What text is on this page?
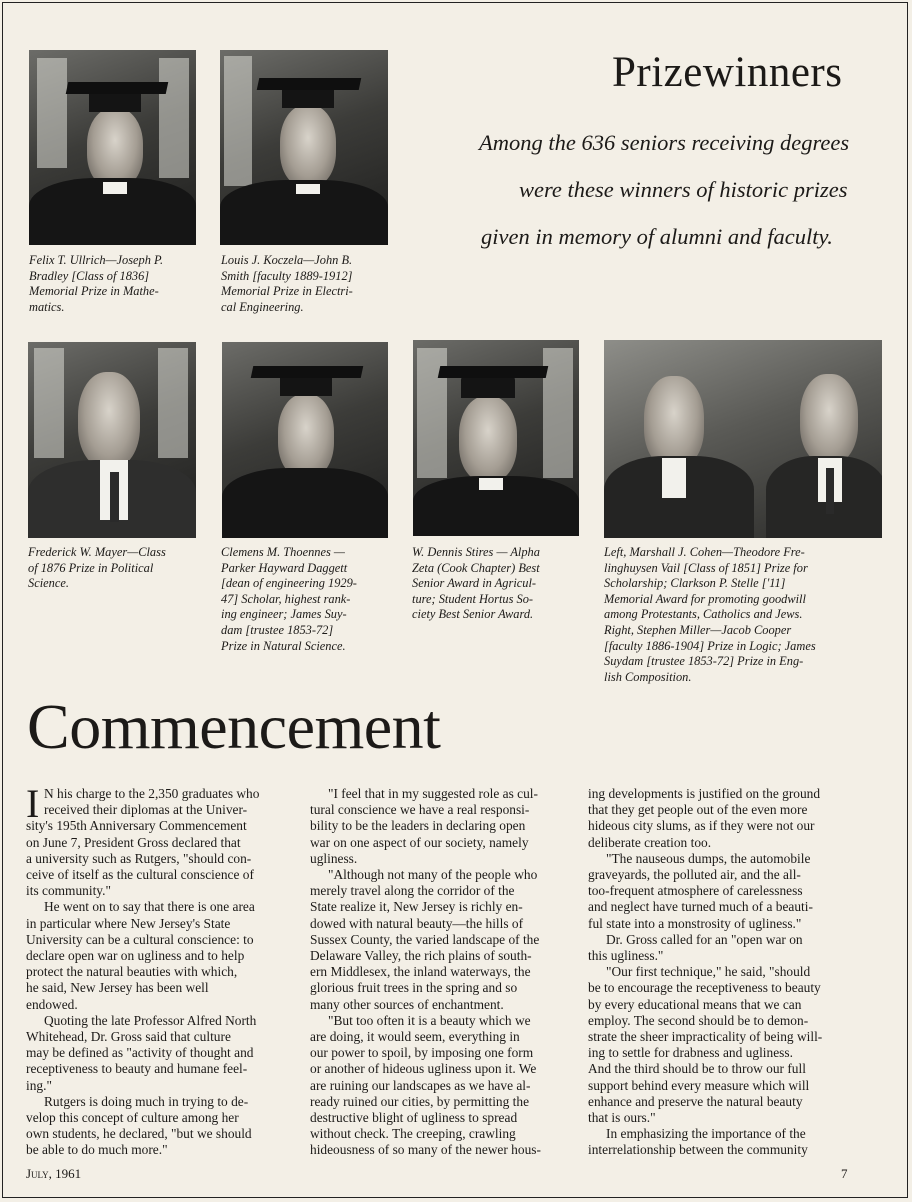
Prizewinners
Among the 636 seniors receiving degrees
were these winners of historic prizes
given in memory of alumni and faculty.
Felix T. Ullrich—Joseph P.
Bradley [Class of 1836]
Memorial Prize in Mathe-
matics.
Louis J. Koczela—John B.
Smith [faculty 1889-1912]
Memorial Prize in Electri-
cal Engineering.
Frederick W. Mayer—Class
of 1876 Prize in Political
Science.
Clemens M. Thoennes —
Parker Hayward Daggett
[dean of engineering 1929-
47] Scholar, highest rank-
ing engineer; James Suy-
dam [trustee 1853-72]
Prize in Natural Science.
W. Dennis Stires — Alpha
Zeta (Cook Chapter) Best
Senior Award in Agricul-
ture; Student Hortus So-
ciety Best Senior Award.
Left, Marshall J. Cohen—Theodore Fre-
linghuysen Vail [Class of 1851] Prize for
Scholarship; Clarkson P. Stelle ['11]
Memorial Award for promoting goodwill
among Protestants, Catholics and Jews.
Right, Stephen Miller—Jacob Cooper
[faculty 1886-1904] Prize in Logic; James
Suydam [trustee 1853-72] Prize in Eng-
lish Composition.
Commencement
I N his charge to the 2,350 graduates who

received their diplomas at the Univer-

sity's 195th Anniversary Commencement

on June 7, President Gross declared that

a university such as Rutgers, "should con-

ceive of itself as the cultural conscience of

its community."

He went on to say that there is one area

in particular where New Jersey's State

University can be a cultural conscience: to

declare open war on ugliness and to help

protect the natural beauties with which,

he said, New Jersey has been well

endowed.

Quoting the late Professor Alfred North

Whitehead, Dr. Gross said that culture

may be defined as "activity of thought and

receptiveness to beauty and humane feel-

ing."

Rutgers is doing much in trying to de-

velop this concept of culture among her

own students, he declared, "but we should

be able to do much more."

"I feel that in my suggested role as cul-

tural conscience we have a real responsi-

bility to be the leaders in declaring open

war on one aspect of our society, namely

ugliness.

"Although not many of the people who

merely travel along the corridor of the

State realize it, New Jersey is richly en-

dowed with natural beauty—the hills of

Sussex County, the varied landscape of the

Delaware Valley, the rich plains of south-

ern Middlesex, the inland waterways, the

glorious fruit trees in the spring and so

many other sources of enchantment.

"But too often it is a beauty which we

are doing, it would seem, everything in

our power to spoil, by imposing one form

or another of hideous ugliness upon it. We

are ruining our landscapes as we have al-

ready ruined our cities, by permitting the

destructive blight of ugliness to spread

without check. The creeping, crawling

hideousness of so many of the newer hous-

ing developments is justified on the ground

that they get people out of the even more

hideous city slums, as if they were not our

deliberate creation too.

"The nauseous dumps, the automobile

graveyards, the polluted air, and the all-

too-frequent atmosphere of carelessness

and neglect have turned much of a beauti-

ful state into a monstrosity of ugliness."

Dr. Gross called for an "open war on

this ugliness."

"Our first technique," he said, "should

be to encourage the receptiveness to beauty

by every educational means that we can

employ. The second should be to demon-

strate the sheer impracticality of being will-

ing to settle for drabness and ugliness.

And the third should be to throw our full

support behind every measure which will

enhance and preserve the natural beauty

that is ours."

In emphasizing the importance of the

interrelationship between the community

July, 1961	7
